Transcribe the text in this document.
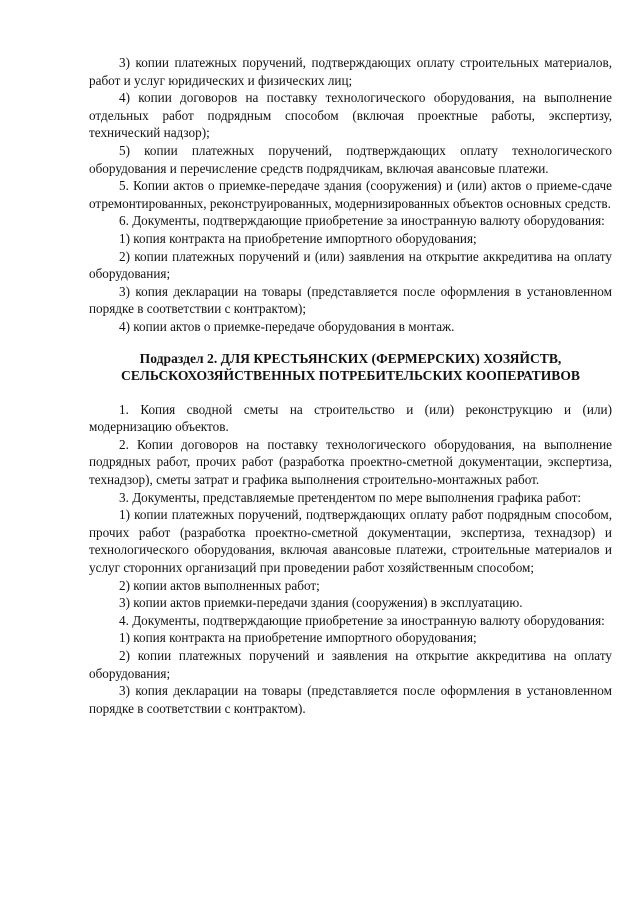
3) копии платежных поручений, подтверждающих оплату строительных материалов, работ и услуг юридических и физических лиц;

4) копии договоров на поставку технологического оборудования, на выполнение отдельных работ подрядным способом (включая проектные работы, экспертизу, технический надзор);

5) копии платежных поручений, подтверждающих оплату технологического оборудования и перечисление средств подрядчикам, включая авансовые платежи.

5. Копии актов о приемке-передаче здания (сооружения) и (или) актов о приеме-сдаче отремонтированных, реконструированных, модернизированных объектов основных средств.

6. Документы, подтверждающие приобретение за иностранную валюту оборудования:

1) копия контракта на приобретение импортного оборудования;

2) копии платежных поручений и (или) заявления на открытие аккредитива на оплату оборудования;

3) копия декларации на товары (представляется после оформления в установленном порядке в соответствии с контрактом);

4) копии актов о приемке-передаче оборудования в монтаж.

Подраздел 2. ДЛЯ КРЕСТЬЯНСКИХ (ФЕРМЕРСКИХ) ХОЗЯЙСТВ,
СЕЛЬСКОХОЗЯЙСТВЕННЫХ ПОТРЕБИТЕЛЬСКИХ КООПЕРАТИВОВ

1. Копия сводной сметы на строительство и (или) реконструкцию и (или) модернизацию объектов.

2. Копии договоров на поставку технологического оборудования, на выполнение подрядных работ, прочих работ (разработка проектно-сметной документации, экспертиза, технадзор), сметы затрат и графика выполнения строительно-монтажных работ.

3. Документы, представляемые претендентом по мере выполнения графика работ:

1) копии платежных поручений, подтверждающих оплату работ подрядным способом, прочих работ (разработка проектно-сметной документации, экспертиза, технадзор) и технологического оборудования, включая авансовые платежи, строительные материалов и услуг сторонних организаций при проведении работ хозяйственным способом;

2) копии актов выполненных работ;

3) копии актов приемки-передачи здания (сооружения) в эксплуатацию.

4. Документы, подтверждающие приобретение за иностранную валюту оборудования:

1) копия контракта на приобретение импортного оборудования;

2) копии платежных поручений и заявления на открытие аккредитива на оплату оборудования;

3) копия декларации на товары (представляется после оформления в установленном порядке в соответствии с контрактом).
